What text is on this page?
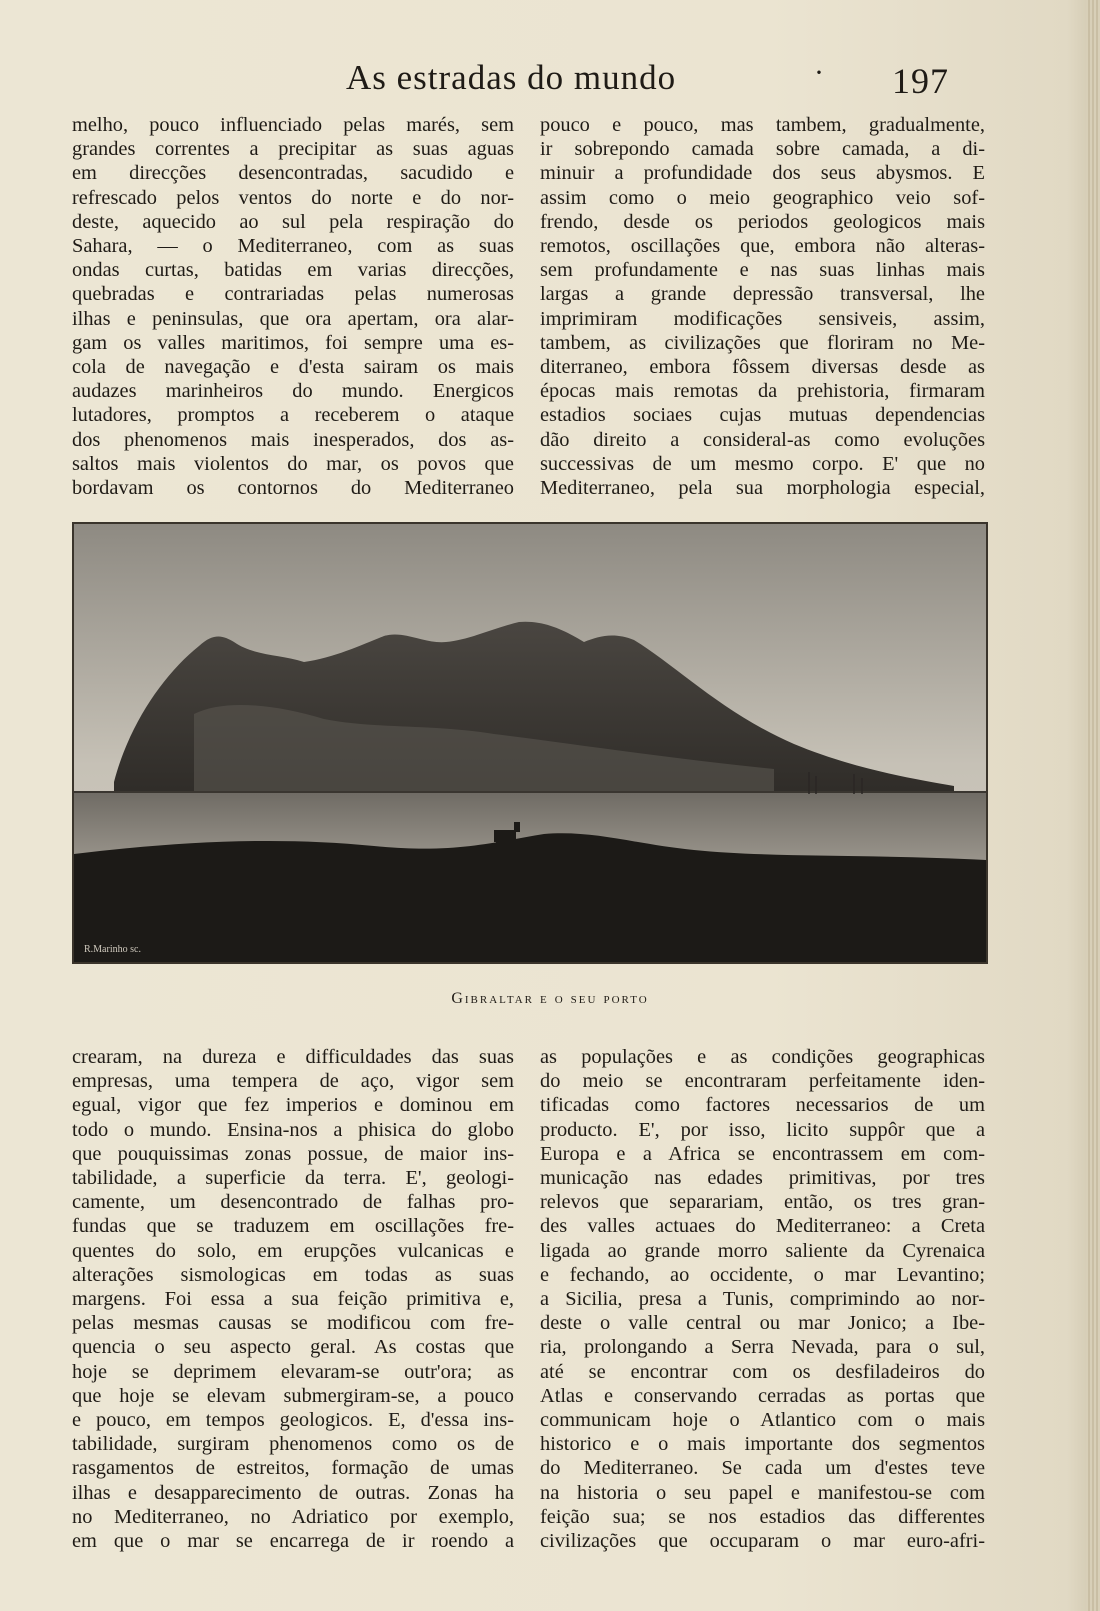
As estradas do mundo	· 197
melho, pouco influenciado pelas marés, sem
grandes correntes a precipitar as suas aguas
em direcções desencontradas, sacudido e
refrescado pelos ventos do norte e do nor-
deste, aquecido ao sul pela respiração do
Sahara, — o Mediterraneo, com as suas
ondas curtas, batidas em varias direcções,
quebradas e contrariadas pelas numerosas
ilhas e peninsulas, que ora apertam, ora alar-
gam os valles maritimos, foi sempre uma es-
cola de navegação e d'esta sairam os mais
audazes marinheiros do mundo. Energicos
lutadores, promptos a receberem o ataque
dos phenomenos mais inesperados, dos as-
saltos mais violentos do mar, os povos que
bordavam os contornos do Mediterraneo
pouco e pouco, mas tambem, gradualmente,
ir sobrepondo camada sobre camada, a di-
minuir a profundidade dos seus abysmos. E
assim como o meio geographico veio sof-
frendo, desde os periodos geologicos mais
remotos, oscillações que, embora não alteras-
sem profundamente e nas suas linhas mais
largas a grande depressão transversal, lhe
imprimiram modificações sensiveis, assim,
tambem, as civilizações que floriram no Me-
diterraneo, embora fôssem diversas desde as
épocas mais remotas da prehistoria, firmaram
estadios sociaes cujas mutuas dependencias
dão direito a consideral-as como evoluções
successivas de um mesmo corpo. E' que no
Mediterraneo, pela sua morphologia especial,
R.Marinho sc.
Gibraltar e o seu porto
crearam, na dureza e difficuldades das suas
empresas, uma tempera de aço, vigor sem
egual, vigor que fez imperios e dominou em
todo o mundo. Ensina-nos a phisica do globo
que pouquissimas zonas possue, de maior ins-
tabilidade, a superficie da terra. E', geologi-
camente, um desencontrado de falhas pro-
fundas que se traduzem em oscillações fre-
quentes do solo, em erupções vulcanicas e
alterações sismologicas em todas as suas
margens. Foi essa a sua feição primitiva e,
pelas mesmas causas se modificou com fre-
quencia o seu aspecto geral. As costas que
hoje se deprimem elevaram-se outr'ora; as
que hoje se elevam submergiram-se, a pouco
e pouco, em tempos geologicos. E, d'essa ins-
tabilidade, surgiram phenomenos como os de
rasgamentos de estreitos, formação de umas
ilhas e desapparecimento de outras. Zonas ha
no Mediterraneo, no Adriatico por exemplo,
em que o mar se encarrega de ir roendo a
as populações e as condições geographicas
do meio se encontraram perfeitamente iden-
tificadas como factores necessarios de um
producto. E', por isso, licito suppôr que a
Europa e a Africa se encontrassem em com-
municação nas edades primitivas, por tres
relevos que separariam, então, os tres gran-
des valles actuaes do Mediterraneo: a Creta
ligada ao grande morro saliente da Cyrenaica
e fechando, ao occidente, o mar Levantino;
a Sicilia, presa a Tunis, comprimindo ao nor-
deste o valle central ou mar Jonico; a Ibe-
ria, prolongando a Serra Nevada, para o sul,
até se encontrar com os desfiladeiros do
Atlas e conservando cerradas as portas que
communicam hoje o Atlantico com o mais
historico e o mais importante dos segmentos
do Mediterraneo. Se cada um d'estes teve
na historia o seu papel e manifestou-se com
feição sua; se nos estadios das differentes
civilizações que occuparam o mar euro-afri-
